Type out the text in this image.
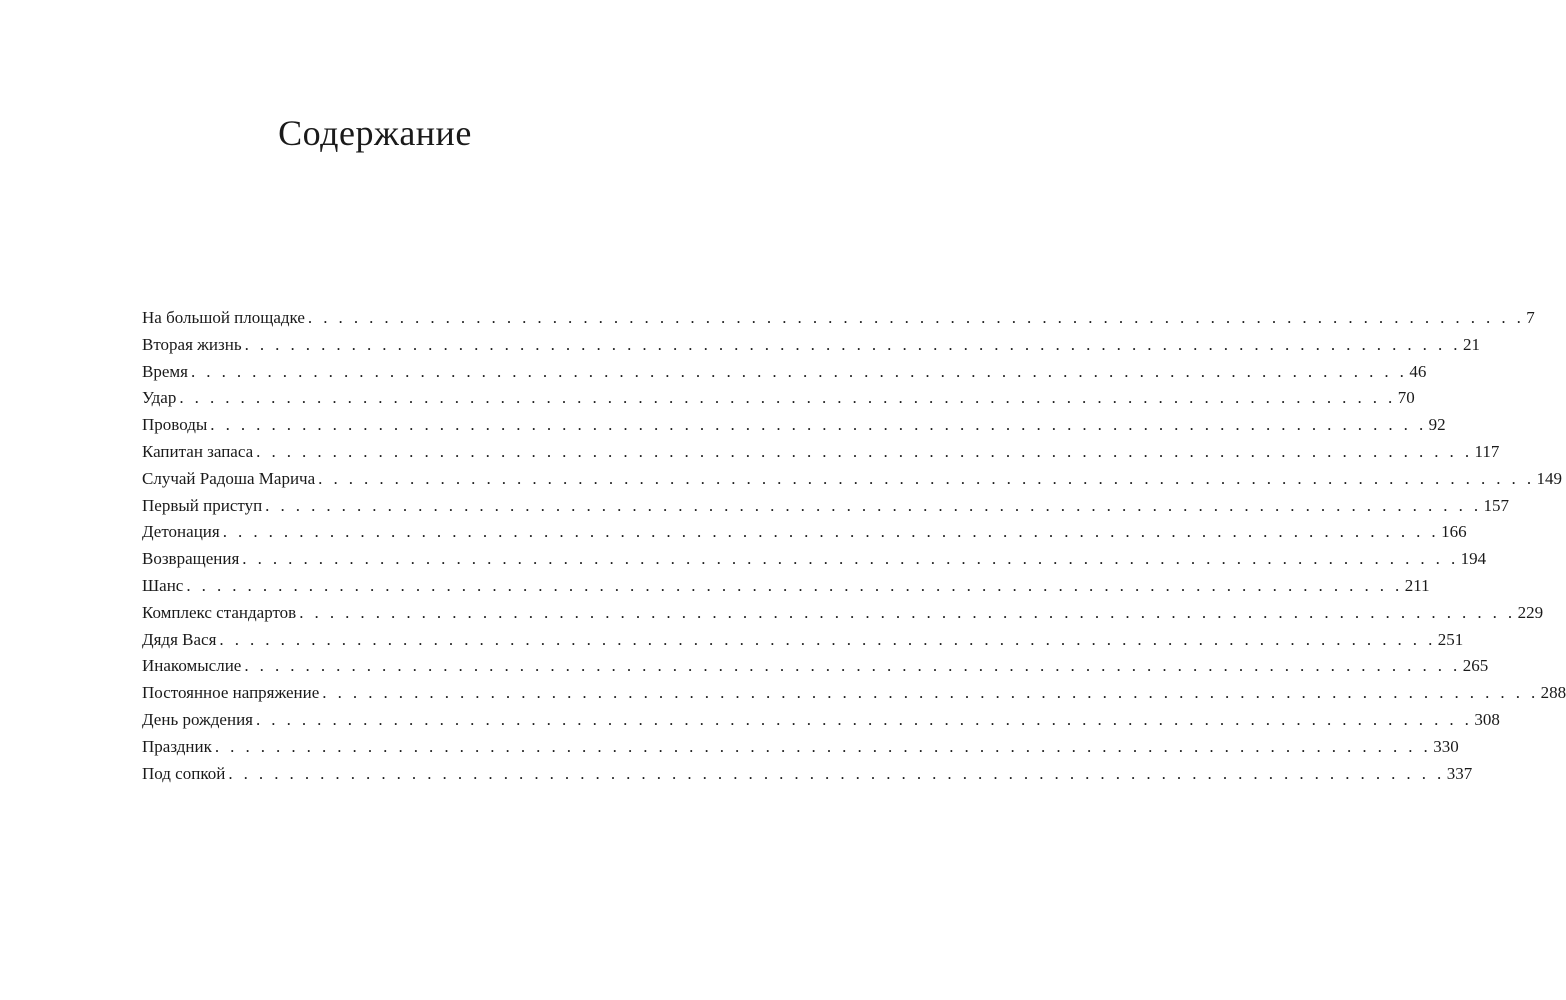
Содержание
На большой площадке . . . . . . . . . . . . . . . . . . . . . . . . . . . . . . . . . . . . . . . . . . . . . . . . . . . . . . . . . . . . . . . . . . . . . . . . . . . . . . . . 7
Вторая жизнь . . . . . . . . . . . . . . . . . . . . . . . . . . . . . . . . . . . . . . . . . . . . . . . . . . . . . . . . . . . . . . . . . . . . . . . . . . . . . . . . 21
Время . . . . . . . . . . . . . . . . . . . . . . . . . . . . . . . . . . . . . . . . . . . . . . . . . . . . . . . . . . . . . . . . . . . . . . . . . . . . . . . . 46
Удар . . . . . . . . . . . . . . . . . . . . . . . . . . . . . . . . . . . . . . . . . . . . . . . . . . . . . . . . . . . . . . . . . . . . . . . . . . . . . . . . 70
Проводы . . . . . . . . . . . . . . . . . . . . . . . . . . . . . . . . . . . . . . . . . . . . . . . . . . . . . . . . . . . . . . . . . . . . . . . . . . . . . . . . 92
Капитан запаса . . . . . . . . . . . . . . . . . . . . . . . . . . . . . . . . . . . . . . . . . . . . . . . . . . . . . . . . . . . . . . . . . . . . . . . . . . . . . . . . 117
Случай Радоша Марича . . . . . . . . . . . . . . . . . . . . . . . . . . . . . . . . . . . . . . . . . . . . . . . . . . . . . . . . . . . . . . . . . . . . . . . . . . . . . . . . 149
Первый приступ . . . . . . . . . . . . . . . . . . . . . . . . . . . . . . . . . . . . . . . . . . . . . . . . . . . . . . . . . . . . . . . . . . . . . . . . . . . . . . . . 157
Детонация . . . . . . . . . . . . . . . . . . . . . . . . . . . . . . . . . . . . . . . . . . . . . . . . . . . . . . . . . . . . . . . . . . . . . . . . . . . . . . . . 166
Возвращения . . . . . . . . . . . . . . . . . . . . . . . . . . . . . . . . . . . . . . . . . . . . . . . . . . . . . . . . . . . . . . . . . . . . . . . . . . . . . . . . 194
Шанс . . . . . . . . . . . . . . . . . . . . . . . . . . . . . . . . . . . . . . . . . . . . . . . . . . . . . . . . . . . . . . . . . . . . . . . . . . . . . . . . 211
Комплекс стандартов . . . . . . . . . . . . . . . . . . . . . . . . . . . . . . . . . . . . . . . . . . . . . . . . . . . . . . . . . . . . . . . . . . . . . . . . . . . . . . . . 229
Дядя Вася . . . . . . . . . . . . . . . . . . . . . . . . . . . . . . . . . . . . . . . . . . . . . . . . . . . . . . . . . . . . . . . . . . . . . . . . . . . . . . . . 251
Инакомыслие . . . . . . . . . . . . . . . . . . . . . . . . . . . . . . . . . . . . . . . . . . . . . . . . . . . . . . . . . . . . . . . . . . . . . . . . . . . . . . . . 265
Постоянное напряжение . . . . . . . . . . . . . . . . . . . . . . . . . . . . . . . . . . . . . . . . . . . . . . . . . . . . . . . . . . . . . . . . . . . . . . . . . . . . . . . . 288
День рождения . . . . . . . . . . . . . . . . . . . . . . . . . . . . . . . . . . . . . . . . . . . . . . . . . . . . . . . . . . . . . . . . . . . . . . . . . . . . . . . . 308
Праздник . . . . . . . . . . . . . . . . . . . . . . . . . . . . . . . . . . . . . . . . . . . . . . . . . . . . . . . . . . . . . . . . . . . . . . . . . . . . . . . . 330
Под сопкой . . . . . . . . . . . . . . . . . . . . . . . . . . . . . . . . . . . . . . . . . . . . . . . . . . . . . . . . . . . . . . . . . . . . . . . . . . . . . . . . 337
